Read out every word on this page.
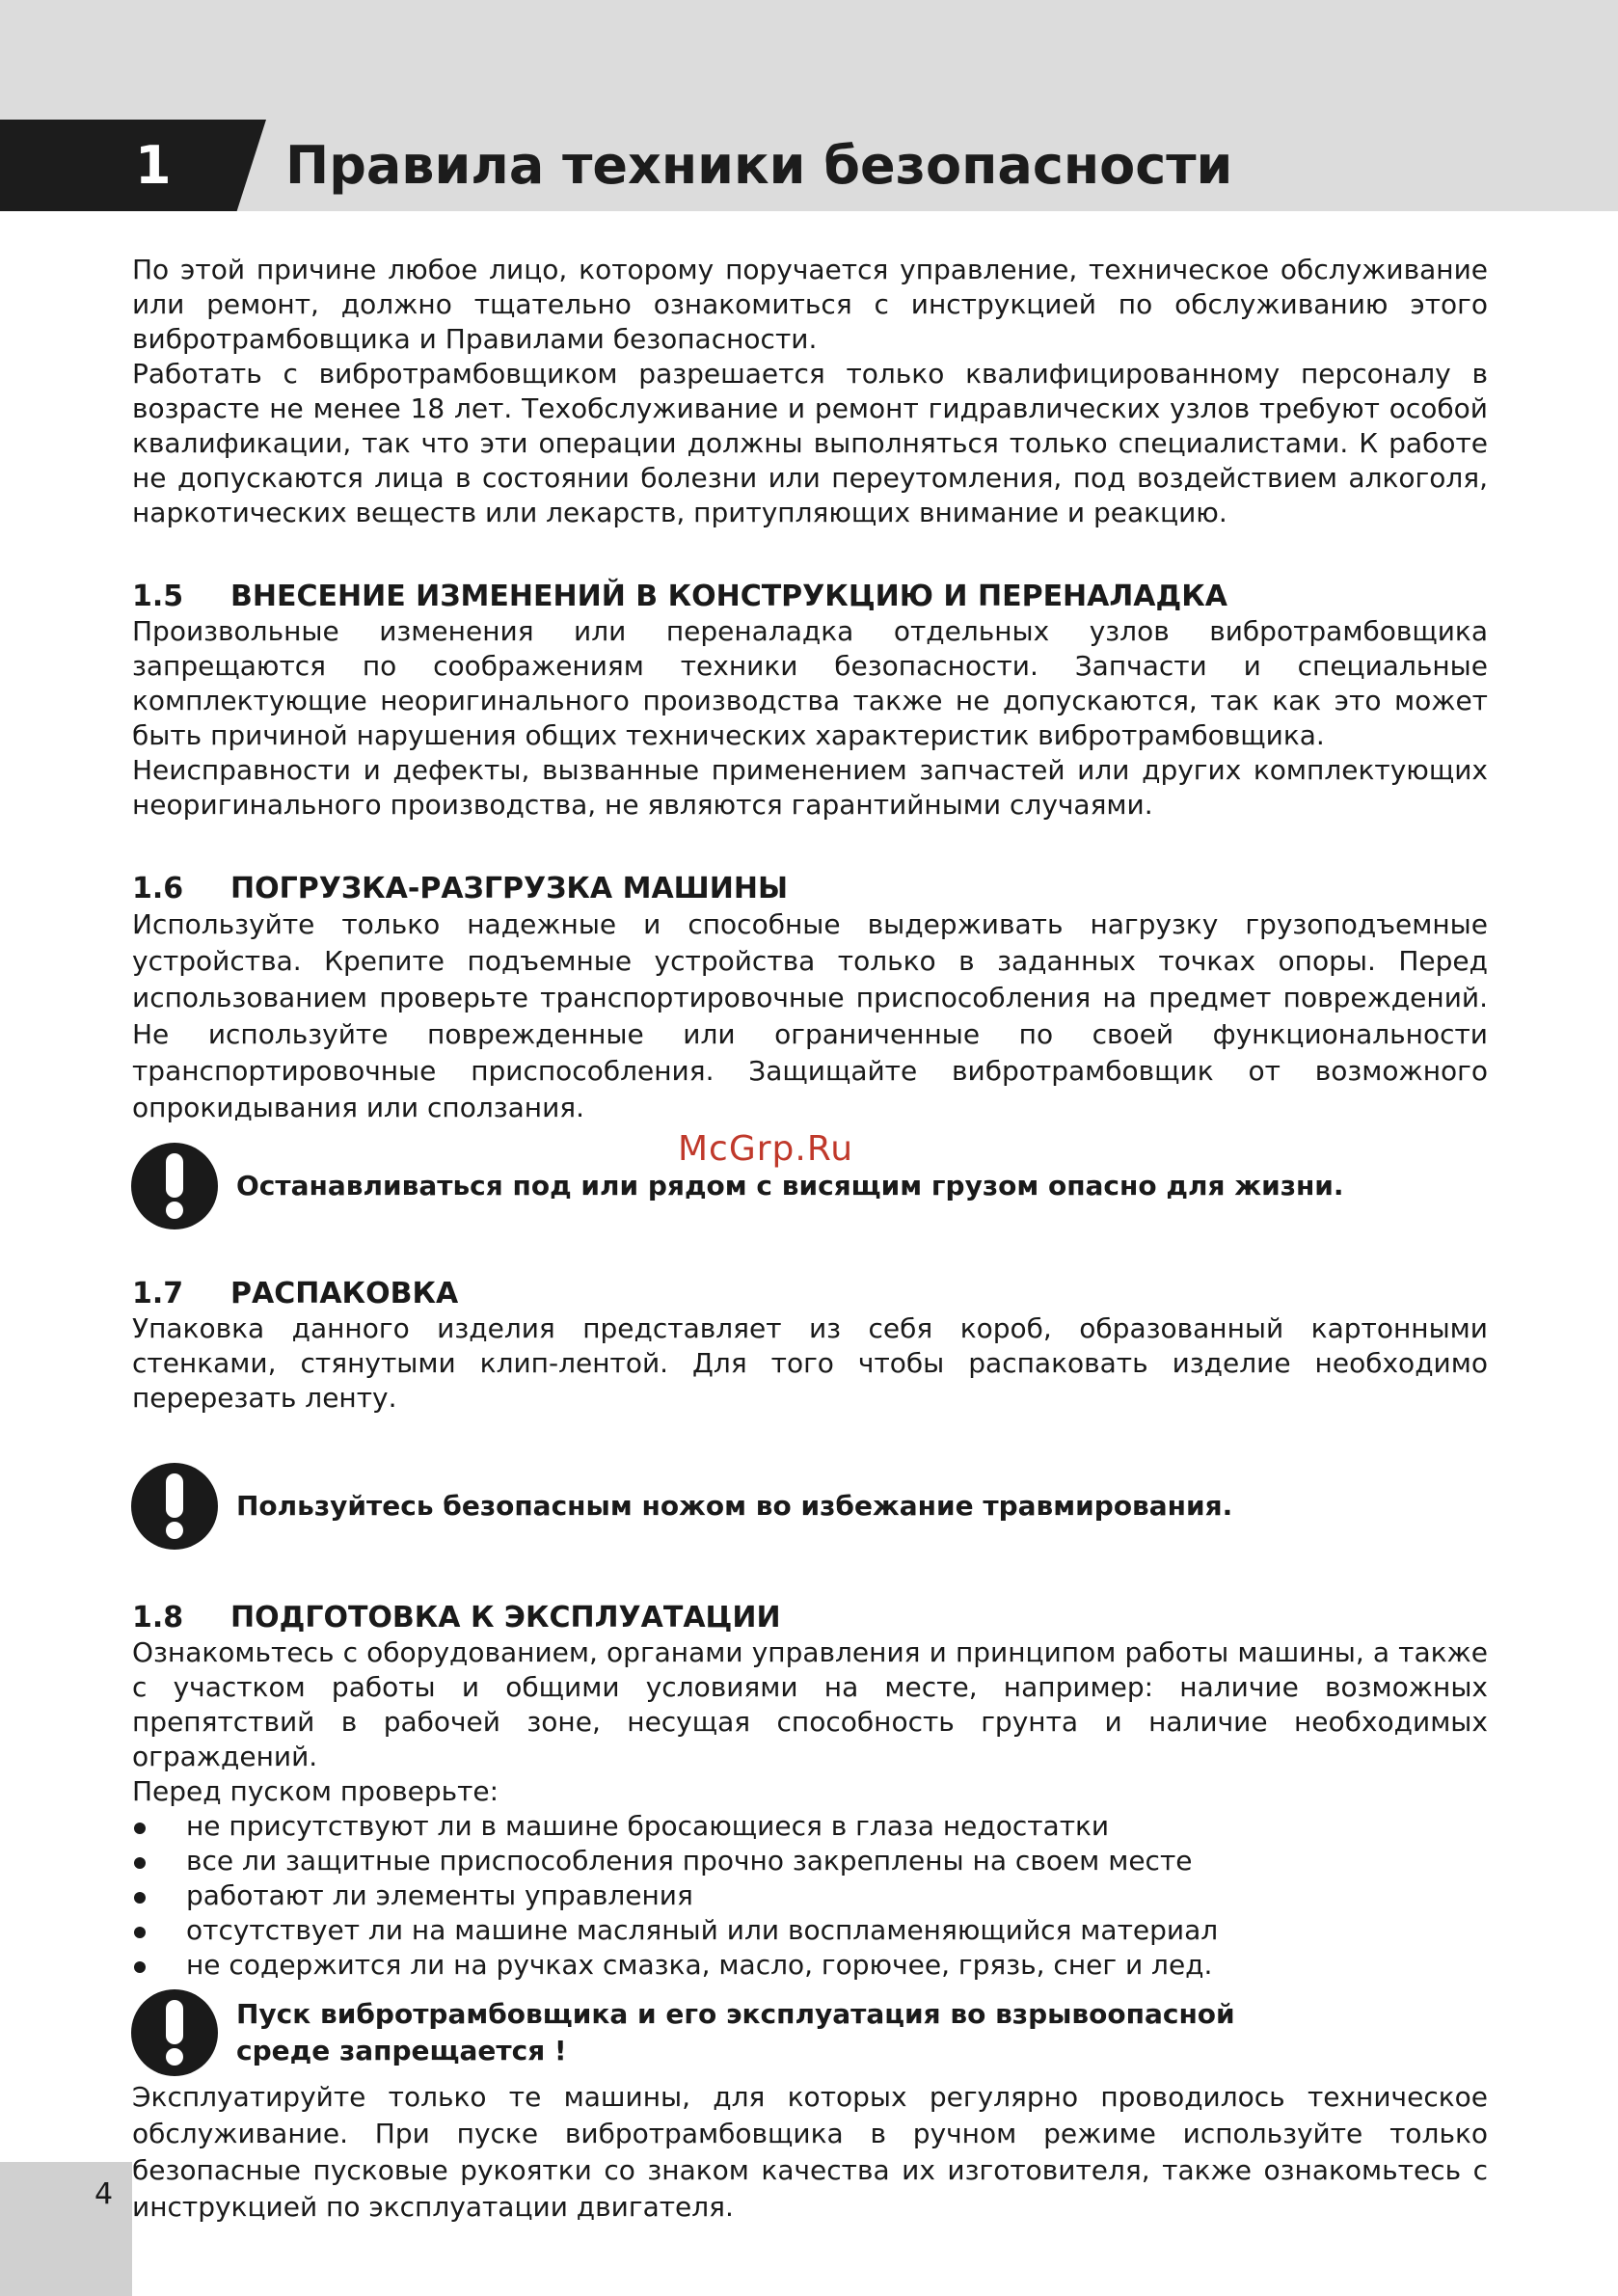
1 Правила техники безопасности

По этой причине любое лицо, которому поручается управление, техническое обслуживание или ремонт, должно тщательно ознакомиться с инструкцией по обслуживанию этого вибротрамбовщика и Правилами безопасности.

Работать с вибротрамбовщиком разрешается только квалифицированному персоналу в возрасте не менее 18 лет. Техобслуживание и ремонт гидравлических узлов требуют особой квалификации, так что эти операции должны выполняться только специалистами. К работе не допускаются лица в состоянии болезни или переутомления, под воздействием алкоголя, наркотических веществ или лекарств, притупляющих внимание и реакцию.

1.5	ВНЕСЕНИЕ ИЗМЕНЕНИЙ В КОНСТРУКЦИЮ И ПЕРЕНАЛАДКА

Произвольные изменения или переналадка отдельных узлов вибротрамбовщика запрещаются по соображениям техники безопасности. Запчасти и специальные комплектующие неоригинального производства также не допускаются, так как это может быть причиной нарушения общих технических характеристик вибротрамбовщика.

Неисправности и дефекты, вызванные применением запчастей или других комплектующих неоригинального производства, не являются гарантийными случаями.

1.6	ПОГРУЗКА-РАЗГРУЗКА МАШИНЫ

Используйте только надежные и способные выдерживать нагрузку грузоподъемные устройства. Крепите подъемные устройства только в заданных точках опоры. Перед использованием проверьте транспортировочные приспособления на предмет повреждений. Не используйте поврежденные или ограниченные по своей функциональности транспортировочные приспособления. Защищайте вибротрамбовщик от возможного опрокидывания или сползания.

Останавливаться под или рядом с висящим грузом опасно для жизни.
1.7	РАСПАКОВКА

Упаковка данного изделия представляет из себя короб, образованный картонными стенками, стянутыми клип-лентой. Для того чтобы распаковать изделие необходимо перерезать ленту.

Пользуйтесь безопасным ножом во избежание травмирования.
1.8	ПОДГОТОВКА К ЭКСПЛУАТАЦИИ

Ознакомьтесь с оборудованием, органами управления и принципом работы машины, а также с участком работы и общими условиями на месте, например: наличие возможных препятствий в рабочей зоне, несущая способность грунта и наличие необходимых ограждений.

Перед пуском проверьте:

не присутствуют ли в машине бросающиеся в глаза недостатки
все ли защитные приспособления прочно закреплены на своем месте
работают ли элементы управления
отсутствует ли на машине масляный или воспламеняющийся материал
не содержится ли на ручках смазка, масло, горючее, грязь, снег и лед.
Пуск вибротрамбовщика и его эксплуатация во взрывоопасной среде запрещается !

Эксплуатируйте только те машины, для которых регулярно проводилось техническое обслуживание. При пуске вибротрамбовщика в ручном режиме используйте только безопасные пусковые рукоятки со знаком качества их изготовителя, также ознакомьтесь с инструкцией по эксплуатации двигателя.

McGrp.Ru
4
